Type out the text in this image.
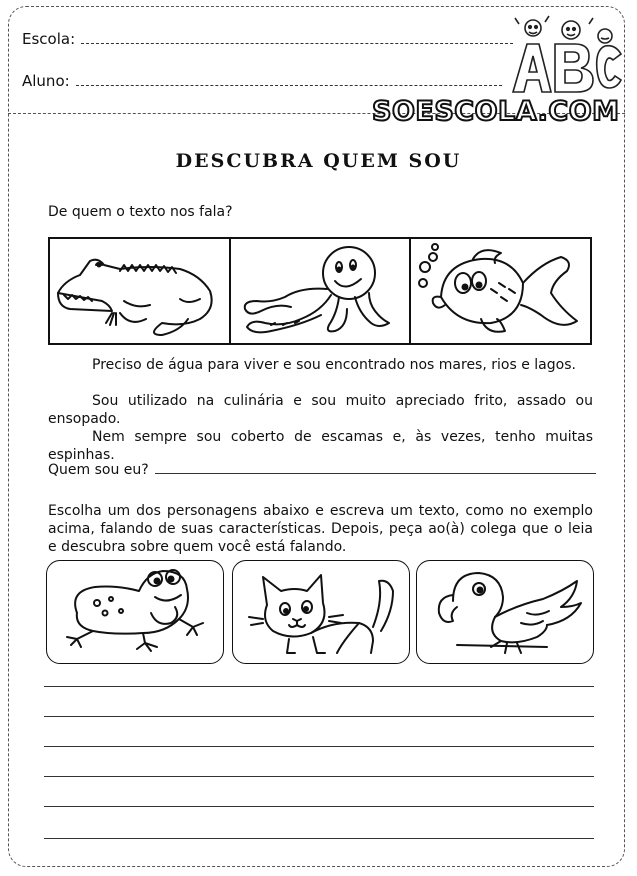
Escola:
Aluno:
SOESCOLA.COM
DESCUBRA QUEM SOU
De quem o texto nos fala?
Preciso de água para viver e sou encontrado nos mares, rios e lagos.
Sou utilizado na culinária e sou muito apreciado frito, assado ou ensopado.
Nem sempre sou coberto de escamas e, às vezes, tenho muitas espinhas.
Quem sou eu?
Escolha um dos personagens abaixo e escreva um texto, como no exemplo acima, falando de suas características. Depois, peça ao(à) colega que o leia e descubra sobre quem você está falando.
